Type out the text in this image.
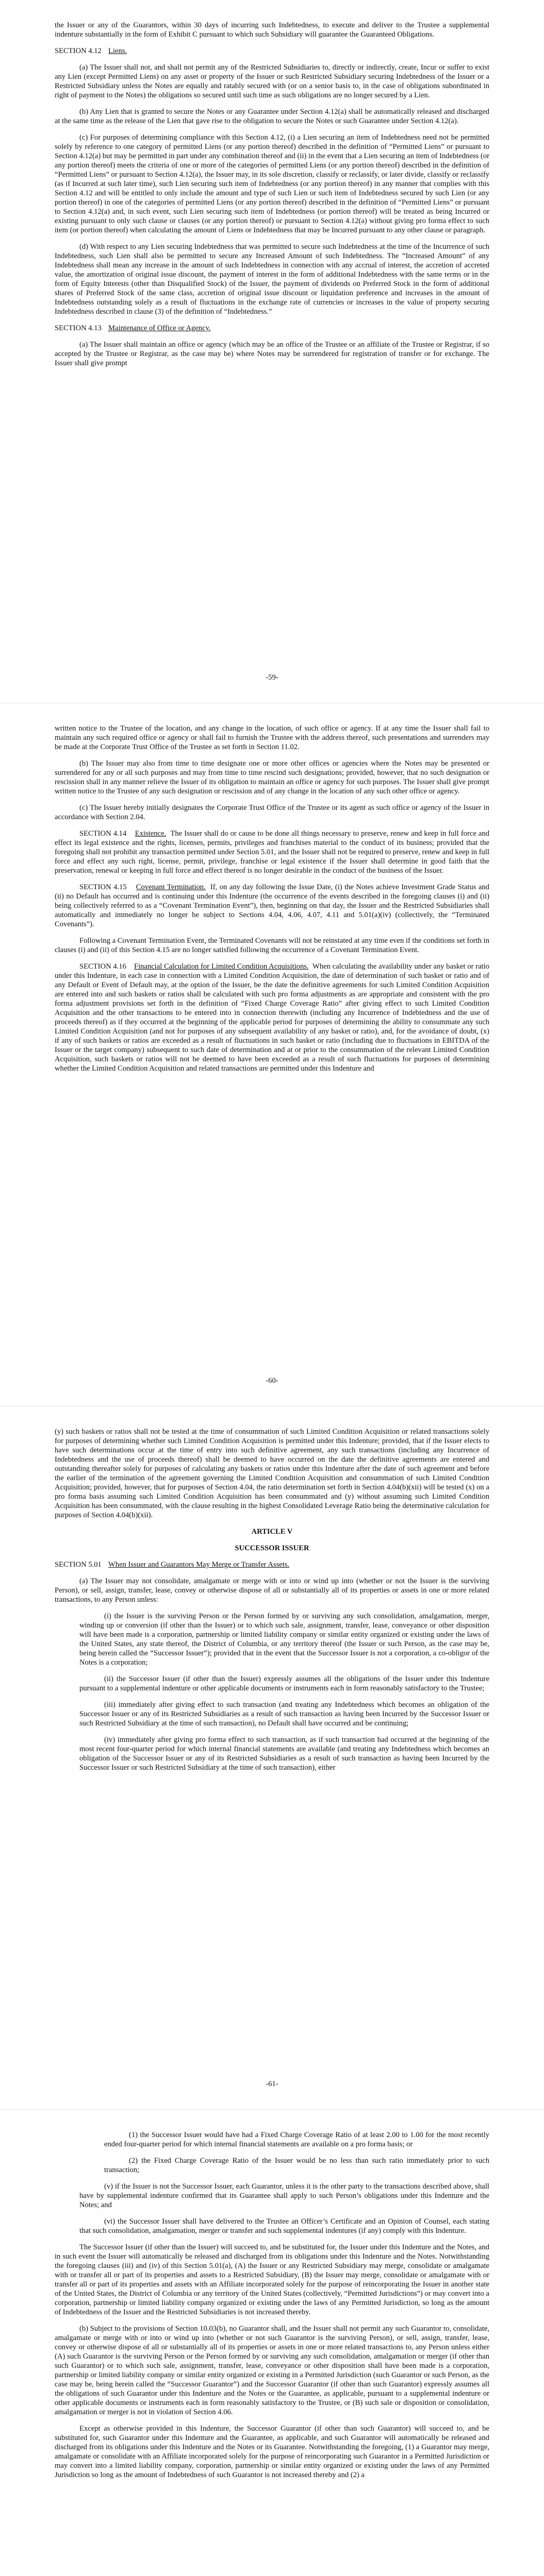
the Issuer or any of the Guarantors, within 30 days of incurring such Indebtedness, to execute and deliver to the Trustee a supplemental indenture substantially in the form of Exhibit C pursuant to which such Subsidiary will guarantee the Guaranteed Obligations.

SECTION 4.12 Liens.

(a) The Issuer shall not, and shall not permit any of the Restricted Subsidiaries to, directly or indirectly, create, Incur or suffer to exist any Lien (except Permitted Liens) on any asset or property of the Issuer or such Restricted Subsidiary securing Indebtedness of the Issuer or a Restricted Subsidiary unless the Notes are equally and ratably secured with (or on a senior basis to, in the case of obligations subordinated in right of payment to the Notes) the obligations so secured until such time as such obligations are no longer secured by a Lien.

(b) Any Lien that is granted to secure the Notes or any Guarantee under Section 4.12(a) shall be automatically released and discharged at the same time as the release of the Lien that gave rise to the obligation to secure the Notes or such Guarantee under Section 4.12(a).

(c) For purposes of determining compliance with this Section 4.12, (i) a Lien securing an item of Indebtedness need not be permitted solely by reference to one category of permitted Liens (or any portion thereof) described in the definition of “Permitted Liens” or pursuant to Section 4.12(a) but may be permitted in part under any combination thereof and (ii) in the event that a Lien securing an item of Indebtedness (or any portion thereof) meets the criteria of one or more of the categories of permitted Liens (or any portion thereof) described in the definition of “Permitted Liens” or pursuant to Section 4.12(a), the Issuer may, in its sole discretion, classify or reclassify, or later divide, classify or reclassify (as if Incurred at such later time), such Lien securing such item of Indebtedness (or any portion thereof) in any manner that complies with this Section 4.12 and will be entitled to only include the amount and type of such Lien or such item of Indebtedness secured by such Lien (or any portion thereof) in one of the categories of permitted Liens (or any portion thereof) described in the definition of “Permitted Liens” or pursuant to Section 4.12(a) and, in such event, such Lien securing such item of Indebtedness (or portion thereof) will be treated as being Incurred or existing pursuant to only such clause or clauses (or any portion thereof) or pursuant to Section 4.12(a) without giving pro forma effect to such item (or portion thereof) when calculating the amount of Liens or Indebtedness that may be Incurred pursuant to any other clause or paragraph.

(d) With respect to any Lien securing Indebtedness that was permitted to secure such Indebtedness at the time of the Incurrence of such Indebtedness, such Lien shall also be permitted to secure any Increased Amount of such Indebtedness. The “Increased Amount” of any Indebtedness shall mean any increase in the amount of such Indebtedness in connection with any accrual of interest, the accretion of accreted value, the amortization of original issue discount, the payment of interest in the form of additional Indebtedness with the same terms or in the form of Equity Interests (other than Disqualified Stock) of the Issuer, the payment of dividends on Preferred Stock in the form of additional shares of Preferred Stock of the same class, accretion of original issue discount or liquidation preference and increases in the amount of Indebtedness outstanding solely as a result of fluctuations in the exchange rate of currencies or increases in the value of property securing Indebtedness described in clause (3) of the definition of “Indebtedness.”

SECTION 4.13 Maintenance of Office or Agency.

(a) The Issuer shall maintain an office or agency (which may be an office of the Trustee or an affiliate of the Trustee or Registrar, if so accepted by the Trustee or Registrar, as the case may be) where Notes may be surrendered for registration of transfer or for exchange. The Issuer shall give prompt

-59-

written notice to the Trustee of the location, and any change in the location, of such office or agency. If at any time the Issuer shall fail to maintain any such required office or agency or shall fail to furnish the Trustee with the address thereof, such presentations and surrenders may be made at the Corporate Trust Office of the Trustee as set forth in Section 11.02.

(b) The Issuer may also from time to time designate one or more other offices or agencies where the Notes may be presented or surrendered for any or all such purposes and may from time to time rescind such designations; provided, however, that no such designation or rescission shall in any manner relieve the Issuer of its obligation to maintain an office or agency for such purposes. The Issuer shall give prompt written notice to the Trustee of any such designation or rescission and of any change in the location of any such other office or agency.

(c) The Issuer hereby initially designates the Corporate Trust Office of the Trustee or its agent as such office or agency of the Issuer in accordance with Section 2.04.

SECTION 4.14 Existence. The Issuer shall do or cause to be done all things necessary to preserve, renew and keep in full force and effect its legal existence and the rights, licenses, permits, privileges and franchises material to the conduct of its business; provided that the foregoing shall not prohibit any transaction permitted under Section 5.01, and the Issuer shall not be required to preserve, renew and keep in full force and effect any such right, license, permit, privilege, franchise or legal existence if the Issuer shall determine in good faith that the preservation, renewal or keeping in full force and effect thereof is no longer desirable in the conduct of the business of the Issuer.

SECTION 4.15 Covenant Termination. If, on any day following the Issue Date, (i) the Notes achieve Investment Grade Status and (ii) no Default has occurred and is continuing under this Indenture (the occurrence of the events described in the foregoing clauses (i) and (ii) being collectively referred to as a “Covenant Termination Event”), then, beginning on that day, the Issuer and the Restricted Subsidiaries shall automatically and immediately no longer be subject to Sections 4.04, 4.06, 4.07, 4.11 and 5.01(a)(iv) (collectively, the “Terminated Covenants”).

Following a Covenant Termination Event, the Terminated Covenants will not be reinstated at any time even if the conditions set forth in clauses (i) and (ii) of this Section 4.15 are no longer satisfied following the occurrence of a Covenant Termination Event.

SECTION 4.16 Financial Calculation for Limited Condition Acquisitions. When calculating the availability under any basket or ratio under this Indenture, in each case in connection with a Limited Condition Acquisition, the date of determination of such basket or ratio and of any Default or Event of Default may, at the option of the Issuer, be the date the definitive agreements for such Limited Condition Acquisition are entered into and such baskets or ratios shall be calculated with such pro forma adjustments as are appropriate and consistent with the pro forma adjustment provisions set forth in the definition of “Fixed Charge Coverage Ratio” after giving effect to such Limited Condition Acquisition and the other transactions to be entered into in connection therewith (including any Incurrence of Indebtedness and the use of proceeds thereof) as if they occurred at the beginning of the applicable period for purposes of determining the ability to consummate any such Limited Condition Acquisition (and not for purposes of any subsequent availability of any basket or ratio), and, for the avoidance of doubt, (x) if any of such baskets or ratios are exceeded as a result of fluctuations in such basket or ratio (including due to fluctuations in EBITDA of the Issuer or the target company) subsequent to such date of determination and at or prior to the consummation of the relevant Limited Condition Acquisition, such baskets or ratios will not be deemed to have been exceeded as a result of such fluctuations for purposes of determining whether the Limited Condition Acquisition and related transactions are permitted under this Indenture and

-60-

(y) such baskets or ratios shall not be tested at the time of consummation of such Limited Condition Acquisition or related transactions solely for purposes of determining whether such Limited Condition Acquisition is permitted under this Indenture; provided, that if the Issuer elects to have such determinations occur at the time of entry into such definitive agreement, any such transactions (including any Incurrence of Indebtedness and the use of proceeds thereof) shall be deemed to have occurred on the date the definitive agreements are entered and outstanding thereafter solely for purposes of calculating any baskets or ratios under this Indenture after the date of such agreement and before the earlier of the termination of the agreement governing the Limited Condition Acquisition and consummation of such Limited Condition Acquisition; provided, however, that for purposes of Section 4.04, the ratio determination set forth in Section 4.04(b)(xii) will be tested (x) on a pro forma basis assuming such Limited Condition Acquisition has been consummated and (y) without assuming such Limited Condition Acquisition has been consummated, with the clause resulting in the highest Consolidated Leverage Ratio being the determinative calculation for purposes of Section 4.04(b)(xii).

ARTICLE V

SUCCESSOR ISSUER

SECTION 5.01 When Issuer and Guarantors May Merge or Transfer Assets.

(a) The Issuer may not consolidate, amalgamate or merge with or into or wind up into (whether or not the Issuer is the surviving Person), or sell, assign, transfer, lease, convey or otherwise dispose of all or substantially all of its properties or assets in one or more related transactions, to any Person unless:

(i) the Issuer is the surviving Person or the Person formed by or surviving any such consolidation, amalgamation, merger, winding up or conversion (if other than the Issuer) or to which such sale, assignment, transfer, lease, conveyance or other disposition will have been made is a corporation, partnership or limited liability company or similar entity organized or existing under the laws of the United States, any state thereof, the District of Columbia, or any territory thereof (the Issuer or such Person, as the case may be, being herein called the “Successor Issuer”); provided that in the event that the Successor Issuer is not a corporation, a co-obligor of the Notes is a corporation;

(ii) the Successor Issuer (if other than the Issuer) expressly assumes all the obligations of the Issuer under this Indenture pursuant to a supplemental indenture or other applicable documents or instruments each in form reasonably satisfactory to the Trustee;

(iii) immediately after giving effect to such transaction (and treating any Indebtedness which becomes an obligation of the Successor Issuer or any of its Restricted Subsidiaries as a result of such transaction as having been Incurred by the Successor Issuer or such Restricted Subsidiary at the time of such transaction), no Default shall have occurred and be continuing;

(iv) immediately after giving pro forma effect to such transaction, as if such transaction had occurred at the beginning of the most recent four-quarter period for which internal financial statements are available (and treating any Indebtedness which becomes an obligation of the Successor Issuer or any of its Restricted Subsidiaries as a result of such transaction as having been Incurred by the Successor Issuer or such Restricted Subsidiary at the time of such transaction), either

-61-

(1) the Successor Issuer would have had a Fixed Charge Coverage Ratio of at least 2.00 to 1.00 for the most recently ended four-quarter period for which internal financial statements are available on a pro forma basis; or

(2) the Fixed Charge Coverage Ratio of the Issuer would be no less than such ratio immediately prior to such transaction;

(v) if the Issuer is not the Successor Issuer, each Guarantor, unless it is the other party to the transactions described above, shall have by supplemental indenture confirmed that its Guarantee shall apply to such Person’s obligations under this Indenture and the Notes; and

(vi) the Successor Issuer shall have delivered to the Trustee an Officer’s Certificate and an Opinion of Counsel, each stating that such consolidation, amalgamation, merger or transfer and such supplemental indentures (if any) comply with this Indenture.

The Successor Issuer (if other than the Issuer) will succeed to, and be substituted for, the Issuer under this Indenture and the Notes, and in such event the Issuer will automatically be released and discharged from its obligations under this Indenture and the Notes. Notwithstanding the foregoing clauses (iii) and (iv) of this Section 5.01(a), (A) the Issuer or any Restricted Subsidiary may merge, consolidate or amalgamate with or transfer all or part of its properties and assets to a Restricted Subsidiary, (B) the Issuer may merge, consolidate or amalgamate with or transfer all or part of its properties and assets with an Affiliate incorporated solely for the purpose of reincorporating the Issuer in another state of the United States, the District of Columbia or any territory of the United States (collectively, “Permitted Jurisdictions”) or may convert into a corporation, partnership or limited liability company organized or existing under the laws of any Permitted Jurisdiction, so long as the amount of Indebtedness of the Issuer and the Restricted Subsidiaries is not increased thereby.

(b) Subject to the provisions of Section 10.03(b), no Guarantor shall, and the Issuer shall not permit any such Guarantor to, consolidate, amalgamate or merge with or into or wind up into (whether or not such Guarantor is the surviving Person), or sell, assign, transfer, lease, convey or otherwise dispose of all or substantially all of its properties or assets in one or more related transactions to, any Person unless either (A) such Guarantor is the surviving Person or the Person formed by or surviving any such consolidation, amalgamation or merger (if other than such Guarantor) or to which such sale, assignment, transfer, lease, conveyance or other disposition shall have been made is a corporation, partnership or limited liability company or similar entity organized or existing in a Permitted Jurisdiction (such Guarantor or such Person, as the case may be, being herein called the “Successor Guarantor”) and the Successor Guarantor (if other than such Guarantor) expressly assumes all the obligations of such Guarantor under this Indenture and the Notes or the Guarantee, as applicable, pursuant to a supplemental indenture or other applicable documents or instruments each in form reasonably satisfactory to the Trustee, or (B) such sale or disposition or consolidation, amalgamation or merger is not in violation of Section 4.06.

Except as otherwise provided in this Indenture, the Successor Guarantor (if other than such Guarantor) will succeed to, and be substituted for, such Guarantor under this Indenture and the Guarantee, as applicable, and such Guarantor will automatically be released and discharged from its obligations under this Indenture and the Notes or its Guarantee. Notwithstanding the foregoing, (1) a Guarantor may merge, amalgamate or consolidate with an Affiliate incorporated solely for the purpose of reincorporating such Guarantor in a Permitted Jurisdiction or may convert into a limited liability company, corporation, partnership or similar entity organized or existing under the laws of any Permitted Jurisdiction so long as the amount of Indebtedness of such Guarantor is not increased thereby and (2) a
